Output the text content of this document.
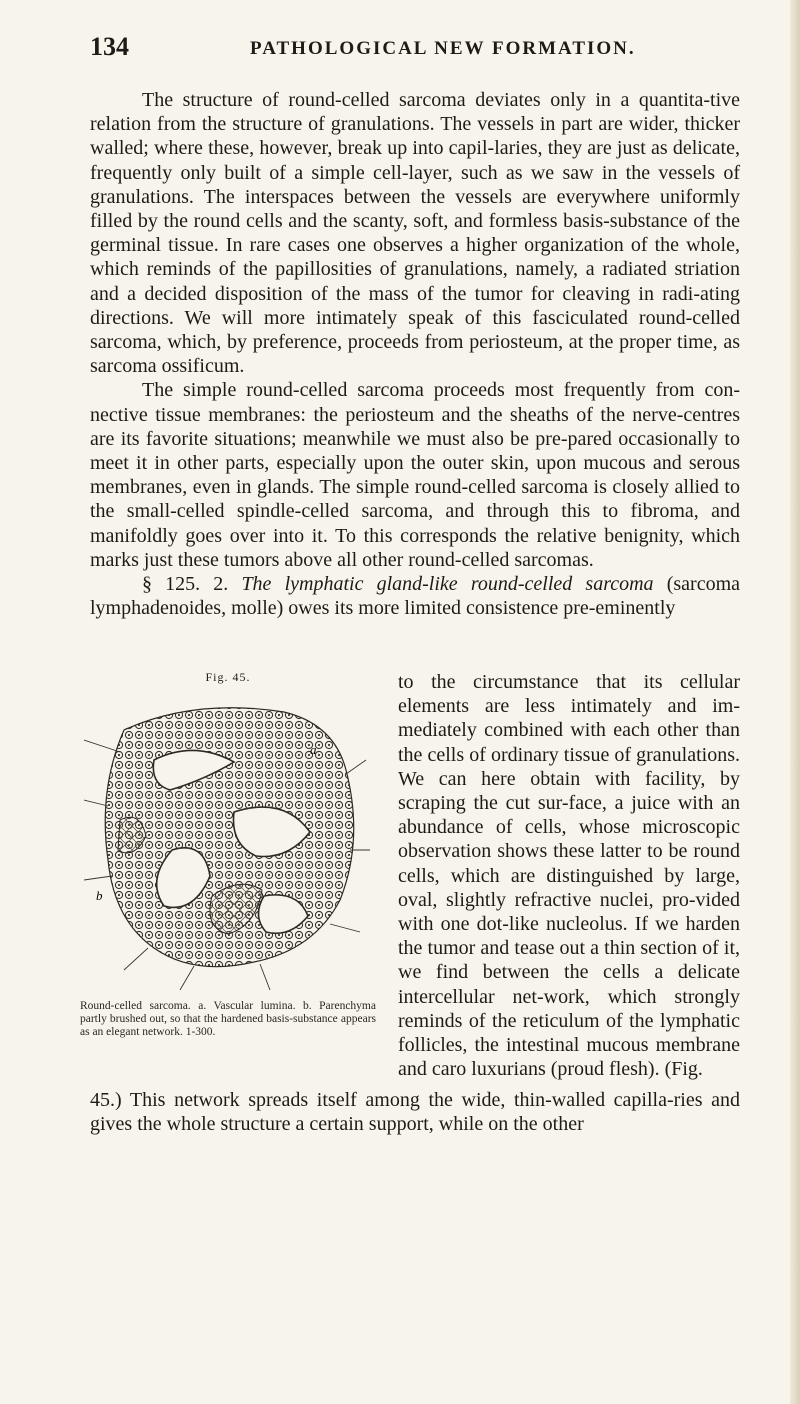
134	PATHOLOGICAL NEW FORMATION.

The structure of round-celled sarcoma deviates only in a quantita-tive relation from the structure of granulations. The vessels in part are wider, thicker walled; where these, however, break up into capil-laries, they are just as delicate, frequently only built of a simple cell-layer, such as we saw in the vessels of granulations. The interspaces between the vessels are everywhere uniformly filled by the round cells and the scanty, soft, and formless basis-substance of the germinal tissue. In rare cases one observes a higher organization of the whole, which reminds of the papillosities of granulations, namely, a radiated striation and a decided disposition of the mass of the tumor for cleaving in radi-ating directions. We will more intimately speak of this fasciculated round-celled sarcoma, which, by preference, proceeds from periosteum, at the proper time, as sarcoma ossificum.

The simple round-celled sarcoma proceeds most frequently from con-nective tissue membranes: the periosteum and the sheaths of the nerve-centres are its favorite situations; meanwhile we must also be pre-pared occasionally to meet it in other parts, especially upon the outer skin, upon mucous and serous membranes, even in glands. The simple round-celled sarcoma is closely allied to the small-celled spindle-celled sarcoma, and through this to fibroma, and manifoldly goes over into it. To this corresponds the relative benignity, which marks just these tumors above all other round-celled sarcomas.

§ 125. 2. The lymphatic gland-like round-celled sarcoma (sarcoma lymphadenoides, molle) owes its more limited consistence pre-eminently

Fig. 45.
a
b
Round-celled sarcoma. a. Vascular lumina. b. Parenchyma partly brushed out, so that the hardened basis-substance appears as an elegant network. 1-300.

to the circumstance that its cellular elements are less intimately and im-mediately combined with each other than the cells of ordinary tissue of granulations. We can here obtain with facility, by scraping the cut sur-face, a juice with an abundance of cells, whose microscopic observation shows these latter to be round cells, which are distinguished by large, oval, slightly refractive nuclei, pro-vided with one dot-like nucleolus. If we harden the tumor and tease out a thin section of it, we find between the cells a delicate intercellular net-work, which strongly reminds of the reticulum of the lymphatic follicles, the intestinal mucous membrane and caro luxurians (proud flesh). (Fig.

45.) This network spreads itself among the wide, thin-walled capilla-ries and gives the whole structure a certain support, while on the other
